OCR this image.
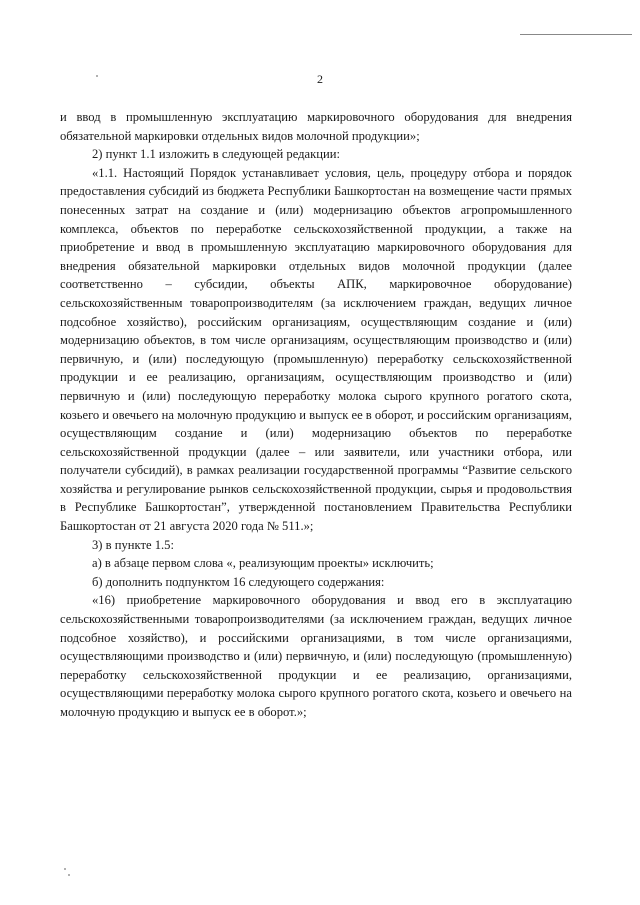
2

и ввод в промышленную эксплуатацию маркировочного оборудования для внедрения обязательной маркировки отдельных видов молочной продукции»;

2) пункт 1.1 изложить в следующей редакции:

«1.1. Настоящий Порядок устанавливает условия, цель, процедуру отбора и порядок предоставления субсидий из бюджета Республики Башкортостан на возмещение части прямых понесенных затрат на создание и (или) модернизацию объектов агропромышленного комплекса, объектов по переработке сельскохозяйственной продукции, а также на приобретение и ввод в промышленную эксплуатацию маркировочного оборудования для внедрения обязательной маркировки отдельных видов молочной продукции (далее соответственно – субсидии, объекты АПК, маркировочное оборудование) сельскохозяйственным товаропроизводителям (за исключением граждан, ведущих личное подсобное хозяйство), российским организациям, осуществляющим создание и (или) модернизацию объектов, в том числе организациям, осуществляющим производство и (или) первичную, и (или) последующую (промышленную) переработку сельскохозяйственной продукции и ее реализацию, организациям, осуществляющим производство и (или) первичную и (или) последующую переработку молока сырого крупного рогатого скота, козьего и овечьего на молочную продукцию и выпуск ее в оборот, и российским организациям, осуществляющим создание и (или) модернизацию объектов по переработке сельскохозяйственной продукции (далее – или заявители, или участники отбора, или получатели субсидий), в рамках реализации государственной программы “Развитие сельского хозяйства и регулирование рынков сельскохозяйственной продукции, сырья и продовольствия в Республике Башкортостан”, утвержденной постановлением Правительства Республики Башкортостан от 21 августа 2020 года № 511.»;

3) в пункте 1.5:

а) в абзаце первом слова «, реализующим проекты» исключить;

б) дополнить подпунктом 16 следующего содержания:

«16) приобретение маркировочного оборудования и ввод его в эксплуатацию сельскохозяйственными товаропроизводителями (за исключением граждан, ведущих личное подсобное хозяйство), и российскими организациями, в том числе организациями, осуществляющими производство и (или) первичную, и (или) последующую (промышленную) переработку сельскохозяйственной продукции и ее реализацию, организациями, осуществляющими переработку молока сырого крупного рогатого скота, козьего и овечьего на молочную продукцию и выпуск ее в оборот.»;
